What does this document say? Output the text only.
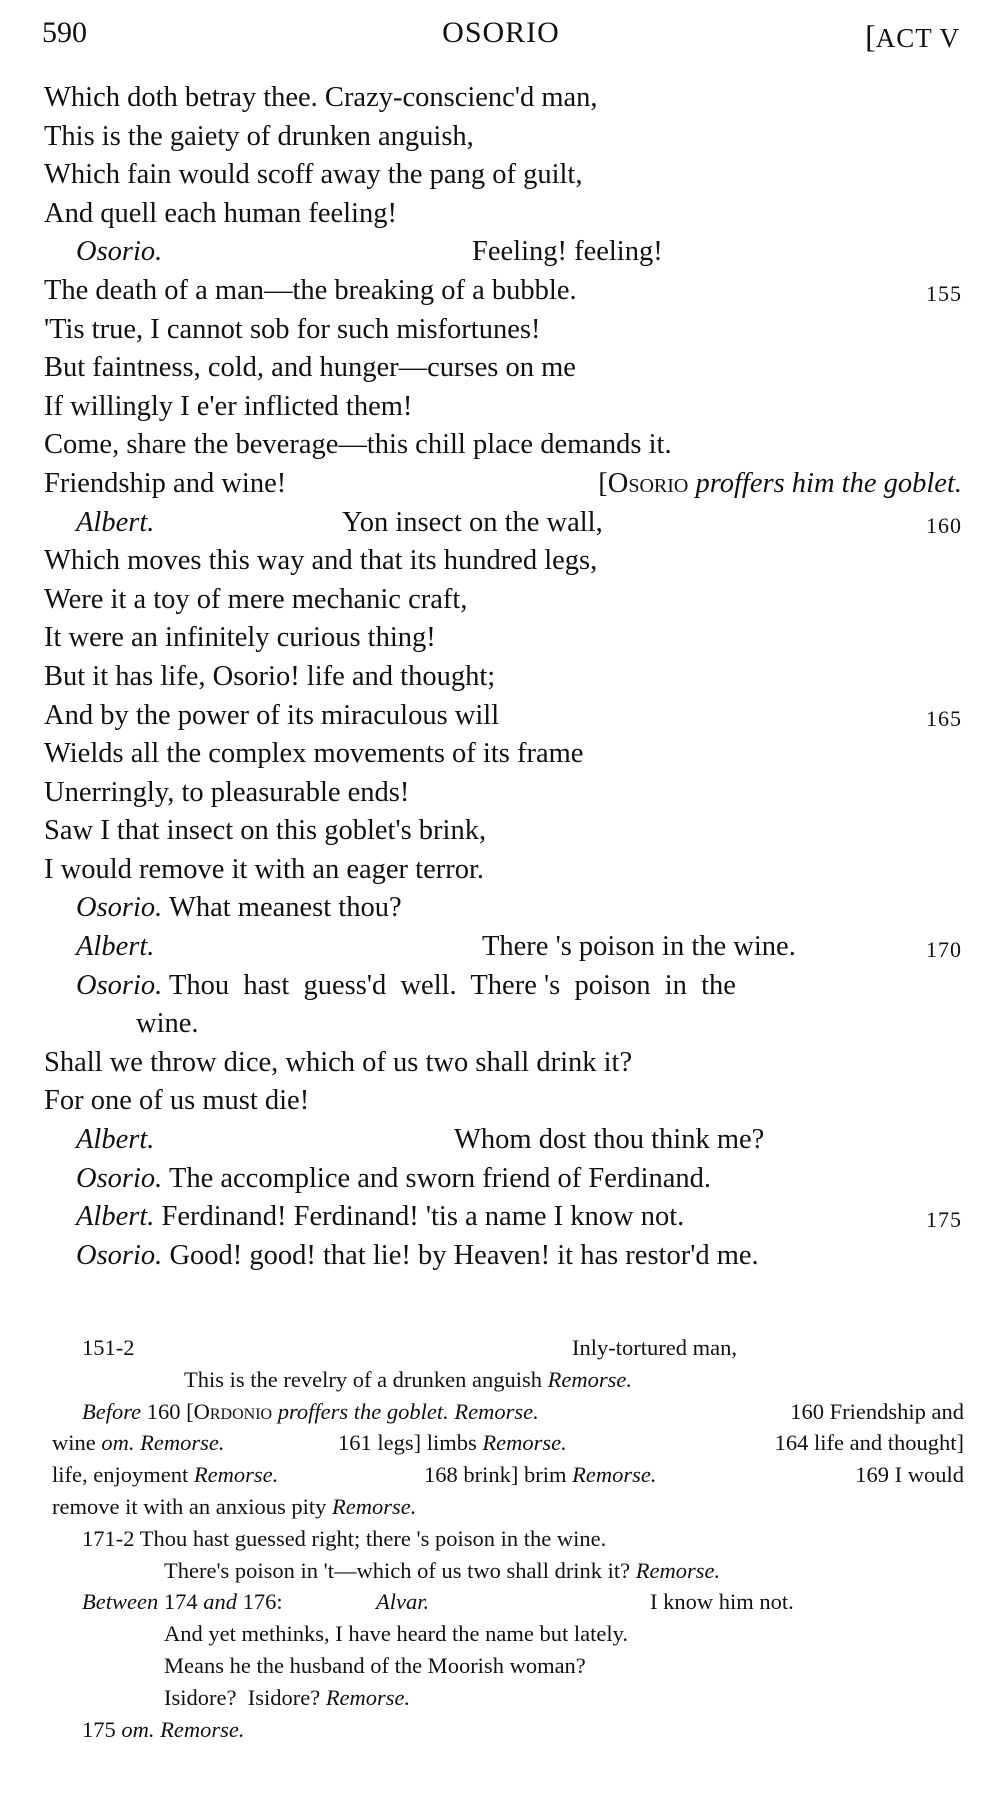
590	OSORIO	[ACT V
Which doth betray thee. Crazy-conscienc'd man,
This is the gaiety of drunken anguish,
Which fain would scoff away the pang of guilt,
And quell each human feeling!
Osorio.	Feeling! feeling!
The death of a man—the breaking of a bubble.	155
'Tis true, I cannot sob for such misfortunes!
But faintness, cold, and hunger—curses on me
If willingly I e'er inflicted them!
Come, share the beverage—this chill place demands it.
Friendship and wine!	[Osorio proffers him the goblet.
Albert.	Yon insect on the wall,	160
Which moves this way and that its hundred legs,
Were it a toy of mere mechanic craft,
It were an infinitely curious thing!
But it has life, Osorio! life and thought;
And by the power of its miraculous will	165
Wields all the complex movements of its frame
Unerringly, to pleasurable ends!
Saw I that insect on this goblet's brink,
I would remove it with an eager terror.
Osorio. What meanest thou?
Albert.	There 's poison in the wine.	170
Osorio. Thou  hast  guess'd  well.  There 's  poison  in  the
wine.
Shall we throw dice, which of us two shall drink it?
For one of us must die!
Albert.	Whom dost thou think me?
Osorio. The accomplice and sworn friend of Ferdinand.
Albert. Ferdinand! Ferdinand! 'tis a name I know not.	175
Osorio. Good! good! that lie! by Heaven! it has restor'd me.
151-2	Inly-tortured man,
This is the revelry of a drunken anguish Remorse.
Before 160 [Ordonio proffers the goblet. Remorse.	160 Friendship and
wine om. Remorse.	161 legs] limbs Remorse.	164 life and thought]
life, enjoyment Remorse.	168 brink] brim Remorse.	169 I would
remove it with an anxious pity Remorse.
171-2 Thou hast guessed right; there 's poison in the wine.
There's poison in 't—which of us two shall drink it? Remorse.
Between 174 and 176:	Alvar.	I know him not.
And yet methinks, I have heard the name but lately.
Means he the husband of the Moorish woman?
Isidore?  Isidore? Remorse.
175 om. Remorse.
